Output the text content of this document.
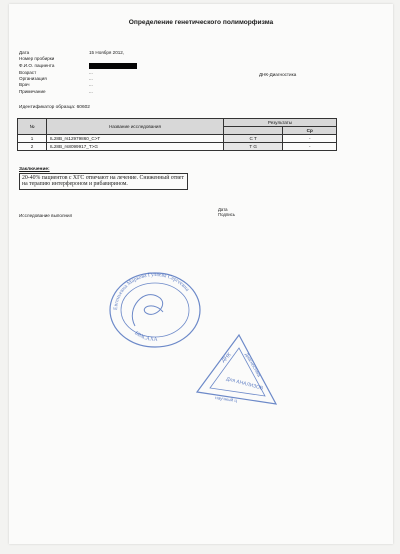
Определение генетического полиморфизма
Дата	15 Ноября 2012,
Номер пробирки
Ф.И.О. пациента
Возраст	...
Организация	...
Врач	...
Примечание	...
ДНК-Диагностика
Идентификатор образца: 60602
№	Название исследования	Результаты	
			Ср
1	IL28B_rs12979860_C>T	C T	-
2	IL28B_rs8099917_T>G	T G	-
Заключение:
20-40% пациентов с ХГС отвечают на лечение. Сниженный ответ на терапию интерфероном и рибавирином.
Исследование выполнил
Дата
Подпись
Евгеньевна Маркова Гуляева Сергеевна
БРАСАХА
ДНК Диагностика
Для АНАЛИЗОВ
научный ц
